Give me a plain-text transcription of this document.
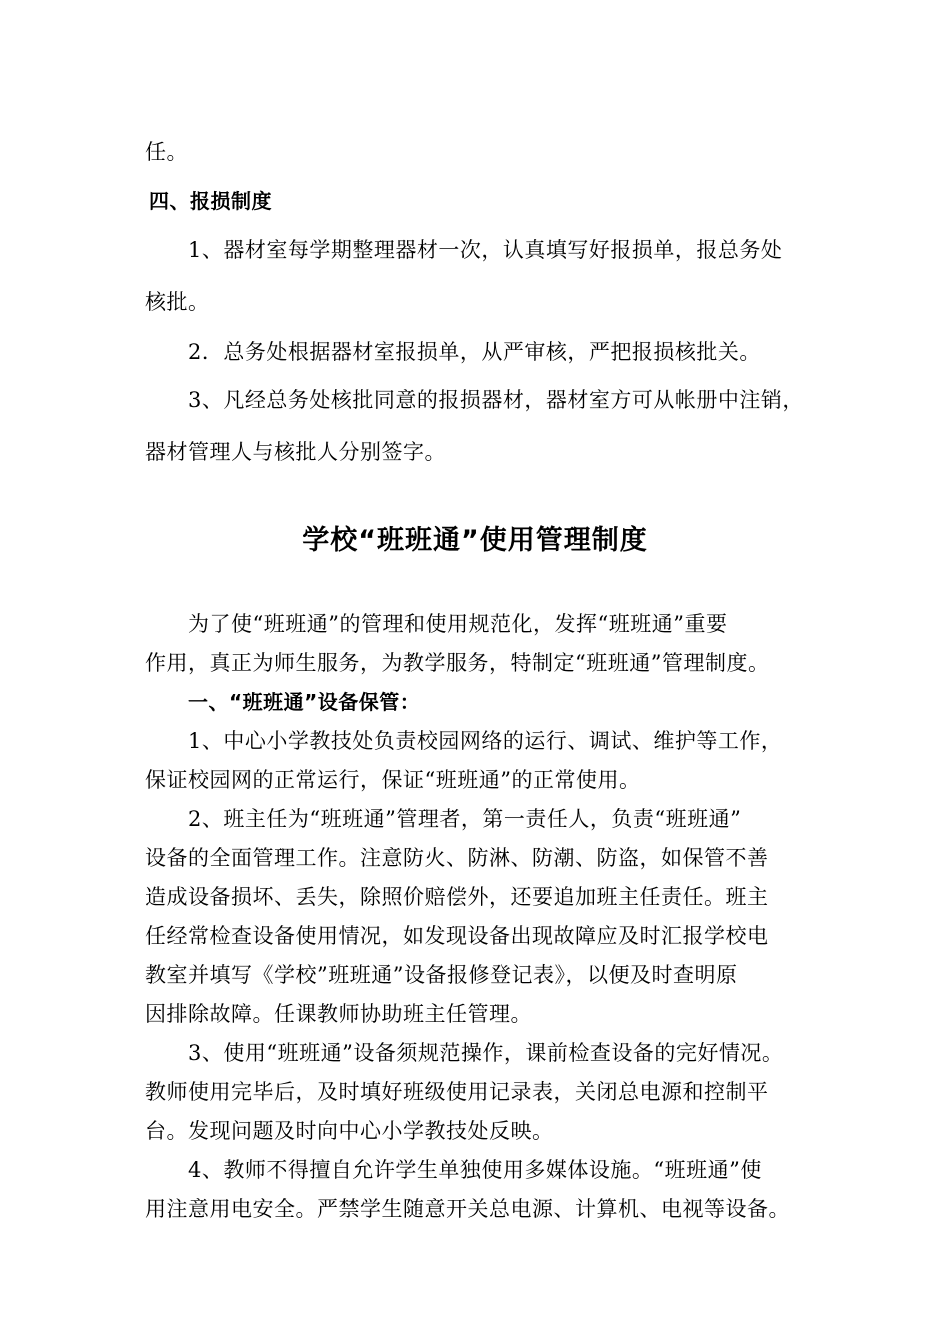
任。
四、报损制度
1、器材室每学期整理器材一次，认真填写好报损单，报总务处
核批。
2．总务处根据器材室报损单，从严审核，严把报损核批关。
3、凡经总务处核批同意的报损器材，器材室方可从帐册中注销，
器材管理人与核批人分别签字。
学校“班班通”使用管理制度
为了使“班班通”的管理和使用规范化，发挥“班班通”重要
作用，真正为师生服务，为教学服务，特制定“班班通”管理制度。
一、“班班通”设备保管：
1、中心小学教技处负责校园网络的运行、调试、维护等工作，
保证校园网的正常运行，保证“班班通”的正常使用。
2、班主任为“班班通”管理者，第一责任人，负责“班班通”
设备的全面管理工作。注意防火、防淋、防潮、防盗，如保管不善
造成设备损坏、丢失，除照价赔偿外，还要追加班主任责任。班主
任经常检查设备使用情况，如发现设备出现故障应及时汇报学校电
教室并填写《学校”班班通”设备报修登记表》，以便及时查明原
因排除故障。任课教师协助班主任管理。
3、使用“班班通”设备须规范操作，课前检查设备的完好情况。
教师使用完毕后，及时填好班级使用记录表，关闭总电源和控制平
台。发现问题及时向中心小学教技处反映。
4、教师不得擅自允许学生单独使用多媒体设施。“班班通”使
用注意用电安全。严禁学生随意开关总电源、计算机、电视等设备。
